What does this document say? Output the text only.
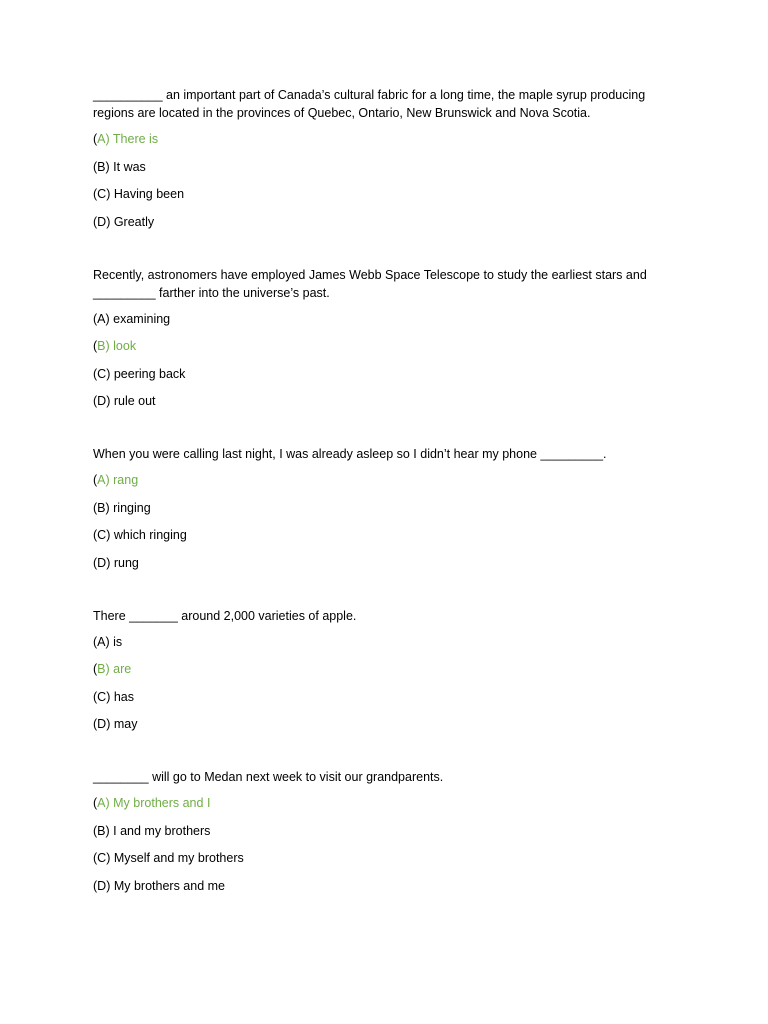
__________ an important part of Canada’s cultural fabric for a long time, the maple syrup producing regions are located in the provinces of Quebec, Ontario, New Brunswick and Nova Scotia.

(A) There is

(B) It was

(C) Having been

(D) Greatly

Recently, astronomers have employed James Webb Space Telescope to study the earliest stars and _________ farther into the universe’s past.

(A) examining

(B) look

(C) peering back

(D) rule out

When you were calling last night, I was already asleep so I didn’t hear my phone _________.

(A) rang

(B) ringing

(C) which ringing

(D) rung

There _______ around 2,000 varieties of apple.

(A) is

(B) are

(C) has

(D) may

________ will go to Medan next week to visit our grandparents.

(A) My brothers and I

(B) I and my brothers

(C) Myself and my brothers

(D) My brothers and me
